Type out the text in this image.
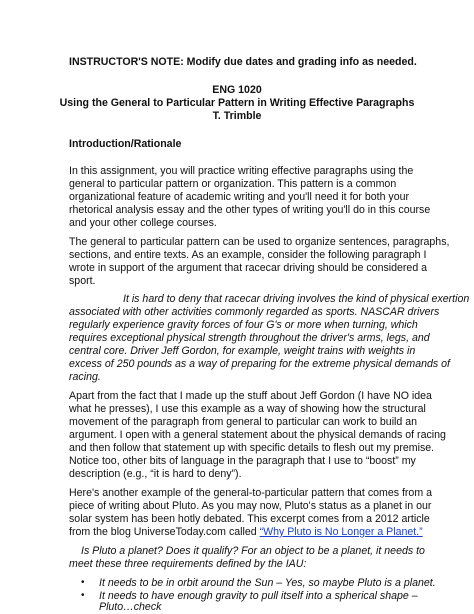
INSTRUCTOR'S NOTE: Modify due dates and grading info as needed.
ENG 1020
Using the General to Particular Pattern in Writing Effective Paragraphs
T. Trimble
Introduction/Rationale
In this assignment, you will practice writing effective paragraphs using the
general to particular pattern or organization. This pattern is a common
organizational feature of academic writing and you'll need it for both your
rhetorical analysis essay and the other types of writing you'll do in this course
and your other college courses.
The general to particular pattern can be used to organize sentences, paragraphs,
sections, and entire texts. As an example, consider the following paragraph I
wrote in support of the argument that racecar driving should be considered a
sport.
It is hard to deny that racecar driving involves the kind of physical exertion
associated with other activities commonly regarded as sports. NASCAR drivers
regularly experience gravity forces of four G's or more when turning, which
requires exceptional physical strength throughout the driver's arms, legs, and
central core. Driver Jeff Gordon, for example, weight trains with weights in
excess of 250 pounds as a way of preparing for the extreme physical demands of
racing.
Apart from the fact that I made up the stuff about Jeff Gordon (I have NO idea
what he presses), I use this example as a way of showing how the structural
movement of the paragraph from general to particular can work to build an
argument. I open with a general statement about the physical demands of racing
and then follow that statement up with specific details to flesh out my premise.
Notice too, other bits of language in the paragraph that I use to “boost” my
description (e.g., “it is hard to deny”).
Here's another example of the general-to-particular pattern that comes from a
piece of writing about Pluto. As you may now, Pluto's status as a planet in our
solar system has been hotly debated. This excerpt comes from a 2012 article
from the blog UniverseToday.com called “Why Pluto is No Longer a Planet.”
Is Pluto a planet? Does it qualify? For an object to be a planet, it needs to
meet these three requirements defined by the IAU:
• It needs to be in orbit around the Sun – Yes, so maybe Pluto is a planet.
• It needs to have enough gravity to pull itself into a spherical shape –
Pluto…check
